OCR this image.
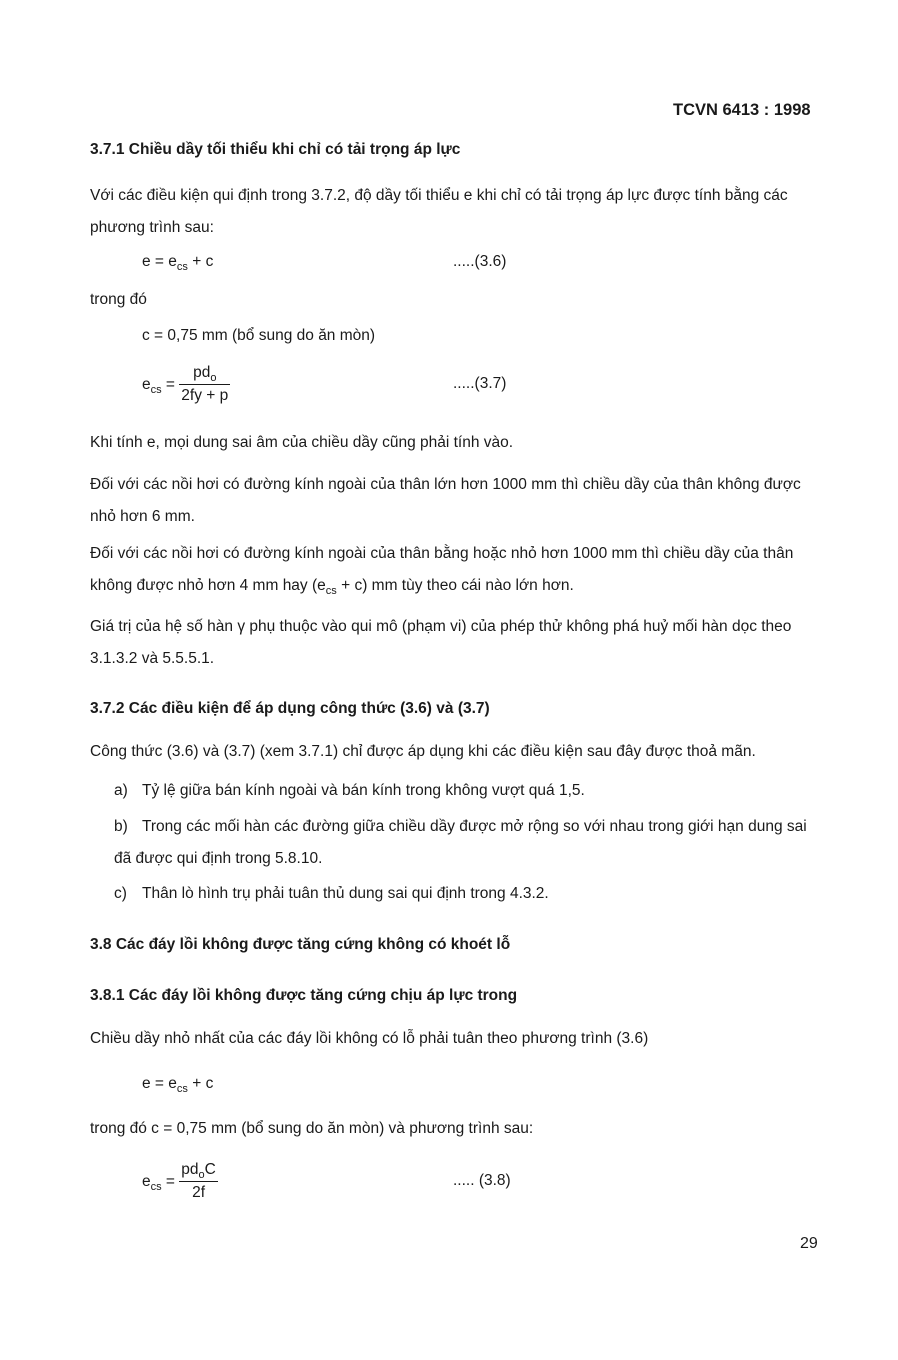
TCVN 6413 : 1998
3.7.1 Chiều dầy tối thiểu khi chỉ có tải trọng áp lực

Với các điều kiện qui định trong 3.7.2, độ dầy tối thiểu e khi chỉ có tải trọng áp lực được tính bằng các phương trình sau:

$e = e_{cs} + c$	.....(3.6)
trong đó
c = 0,75 mm (bổ sung do ăn mòn)
$e_{cs} = \frac{pd_o}{2fy + p}$	.....(3.7)

Khi tính e, mọi dung sai âm của chiều dầy cũng phải tính vào.

Đối với các nồi hơi có đường kính ngoài của thân lớn hơn 1000 mm thì chiều dầy của thân không được nhỏ hơn 6 mm.

Đối với các nồi hơi có đường kính ngoài của thân bằng hoặc nhỏ hơn 1000 mm thì chiều dầy của thân không được nhỏ hơn 4 mm hay $(e_{cs} + c)$ mm tùy theo cái nào lớn hơn.

Giá trị của hệ số hàn γ phụ thuộc vào qui mô (phạm vi) của phép thử không phá huỷ mối hàn dọc theo 3.1.3.2 và 5.5.5.1.

3.7.2 Các điều kiện để áp dụng công thức (3.6) và (3.7)
Công thức (3.6) và (3.7) (xem 3.7.1) chỉ được áp dụng khi các điều kiện sau đây được thoả mãn.
a) Tỷ lệ giữa bán kính ngoài và bán kính trong không vượt quá 1,5.

b) Trong các mối hàn các đường giữa chiều dầy được mở rộng so với nhau trong giới hạn dung sai đã được qui định trong 5.8.10.

c) Thân lò hình trụ phải tuân thủ dung sai qui định trong 4.3.2.
3.8 Các đáy lồi không được tăng cứng không có khoét lỗ
3.8.1 Các đáy lồi không được tăng cứng chịu áp lực trong
Chiều dầy nhỏ nhất của các đáy lồi không có lỗ phải tuân theo phương trình (3.6)
$e = e_{cs} + c$
trong đó c = 0,75 mm (bổ sung do ăn mòn) và phương trình sau:
$e_{cs} = \frac{pd_oC}{2f}$	..... (3.8)
29
